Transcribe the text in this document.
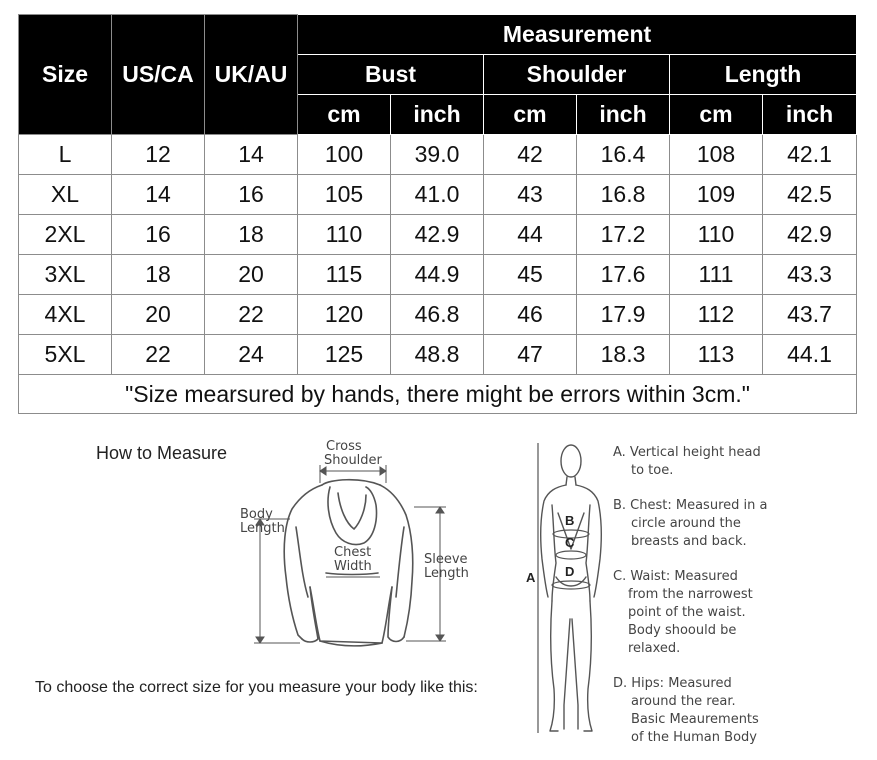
Size	US/CA	UK/AU	Measurement					
			Bust		Shoulder		Length	
			cm	inch	cm	inch	cm	inch
L	12	14	100	39.0	42	16.4	108	42.1
XL	14	16	105	41.0	43	16.8	109	42.5
2XL	16	18	110	42.9	44	17.2	110	42.9
3XL	18	20	115	44.9	45	17.6	111	43.3
4XL	20	22	120	46.8	46	17.9	112	43.7
5XL	22	24	125	48.8	47	18.3	113	44.1
"Size mearsured by hands, there might be errors within 3cm."								
How to Measure	Cross
Shoulder
Body
Length
Chest
Width	Sleeve
Length
To choose the correct size for you measure your body like this:
B
C
D
A
A. Vertical height head
to toe.
B. Chest: Measured in a
circle around the
breasts and back.
C. Waist: Measured
from the narrowest
point of the waist.
Body shoould be
relaxed.
D. Hips: Measured
around the rear.
Basic Meaurements
of the Human Body
